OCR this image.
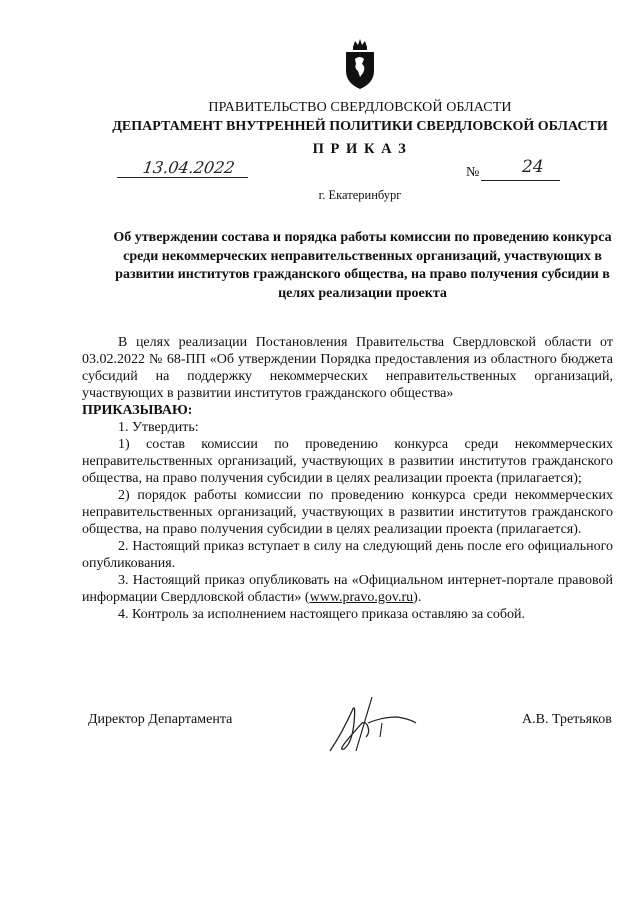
ПРАВИТЕЛЬСТВО СВЕРДЛОВСКОЙ ОБЛАСТИ
ДЕПАРТАМЕНТ ВНУТРЕННЕЙ ПОЛИТИКИ СВЕРДЛОВСКОЙ ОБЛАСТИ
П Р И К А З
13.04.2022	№	24
г. Екатеринбург
Об утверждении состава и порядка работы комиссии по проведению конкурса среди некоммерческих неправительственных организаций, участвующих в развитии институтов гражданского общества, на право получения субсидии в целях реализации проекта

В целях реализации Постановления Правительства Свердловской области от 03.02.2022 № 68-ПП «Об утверждении Порядка предоставления из областного бюджета субсидий на поддержку некоммерческих неправительственных организаций, участвующих в развитии институтов гражданского общества»

ПРИКАЗЫВАЮ:

1. Утвердить:

1) состав комиссии по проведению конкурса среди некоммерческих неправительственных организаций, участвующих в развитии институтов гражданского общества, на право получения субсидии в целях реализации проекта (прилагается);

2) порядок работы комиссии по проведению конкурса среди некоммерческих неправительственных организаций, участвующих в развитии институтов гражданского общества, на право получения субсидии в целях реализации проекта (прилагается).

2. Настоящий приказ вступает в силу на следующий день после его официального опубликования.

3. Настоящий приказ опубликовать на «Официальном интернет-портале правовой информации Свердловской области» (www.pravo.gov.ru).

4. Контроль за исполнением настоящего приказа оставляю за собой.

Директор Департамента	А.В. Третьяков
